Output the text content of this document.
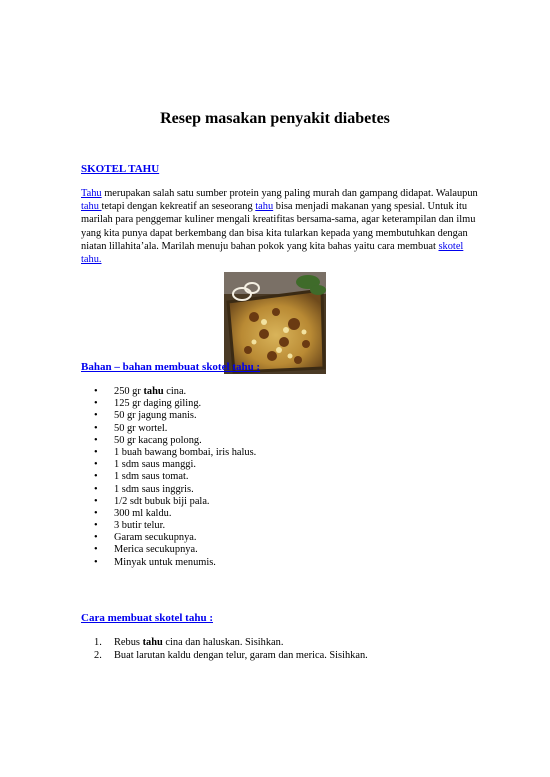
Resep masakan penyakit diabetes
SKOTEL TAHU
Tahu merupakan salah satu sumber protein yang paling murah dan gampang didapat. Walaupun tahu tetapi dengan kekreatif an seseorang tahu bisa menjadi makanan yang spesial. Untuk itu marilah para penggemar kuliner mengali kreatifitas bersama-sama, agar keterampilan dan ilmu yang kita punya dapat berkembang dan bisa kita tularkan kepada yang membutuhkan dengan niatan lillahita’ala. Marilah menuju bahan pokok yang kita bahas yaitu cara membuat skotel tahu.
Bahan – bahan membuat skotel tahu :
• 250 gr tahu cina.
• 125 gr daging giling.
• 50 gr jagung manis.
• 50 gr wortel.
• 50 gr kacang polong.
• 1 buah bawang bombai, iris halus.
• 1 sdm saus manggi.
• 1 sdm saus tomat.
• 1 sdm saus inggris.
• 1/2 sdt bubuk biji pala.
• 300 ml kaldu.
• 3 butir telur.
• Garam secukupnya.
• Merica secukupnya.
• Minyak untuk menumis.
Cara membuat skotel tahu :
1. Rebus tahu cina dan haluskan. Sisihkan.
2. Buat larutan kaldu dengan telur, garam dan merica. Sisihkan.
